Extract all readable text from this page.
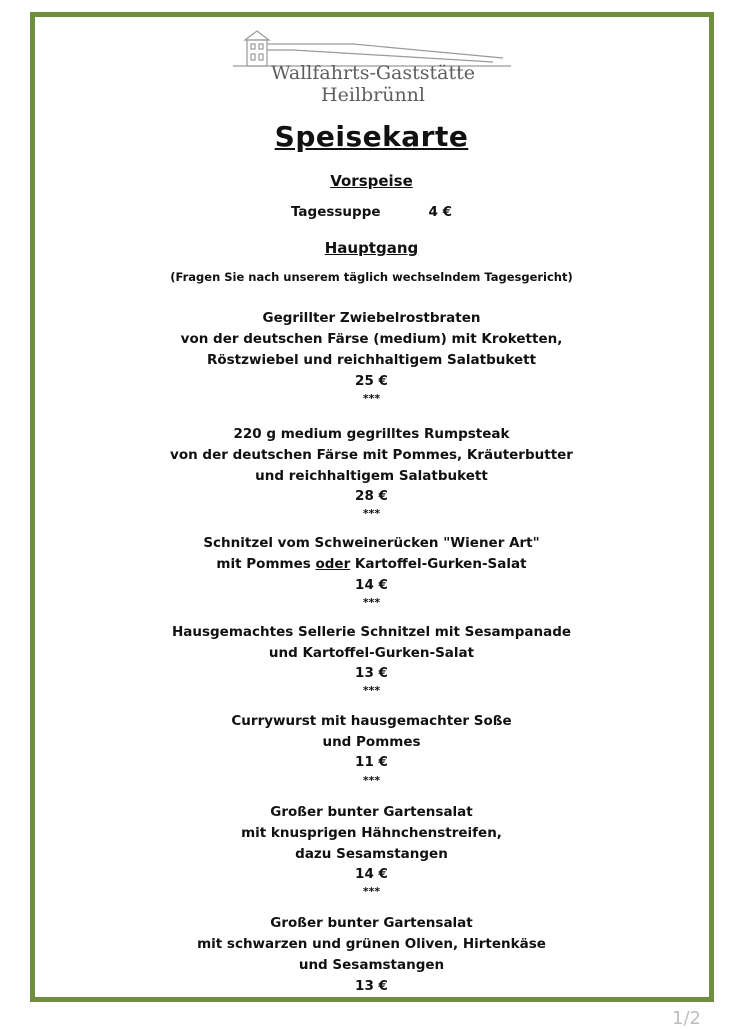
Wallfahrts-Gaststätte
Heilbrünnl
Speisekarte
Vorspeise
Tagessuppe	4 €
Hauptgang
(Fragen Sie nach unserem täglich wechselndem Tagesgericht)
Gegrillter Zwiebelrostbraten
von der deutschen Färse (medium) mit Kroketten,
Röstzwiebel und reichhaltigem Salatbukett
25 €
***
220 g medium gegrilltes Rumpsteak
von der deutschen Färse mit Pommes, Kräuterbutter
und reichhaltigem Salatbukett
28 €
***
Schnitzel vom Schweinerücken "Wiener Art"
mit Pommes oder Kartoffel-Gurken-Salat
14 €
***
Hausgemachtes Sellerie Schnitzel mit Sesampanade
und Kartoffel-Gurken-Salat
13 €
***
Currywurst mit hausgemachter Soße
und Pommes
11 €
***
Großer bunter Gartensalat
mit knusprigen Hähnchenstreifen,
dazu Sesamstangen
14 €
***
Großer bunter Gartensalat
mit schwarzen und grünen Oliven, Hirtenkäse
und Sesamstangen
13 €
1/2
